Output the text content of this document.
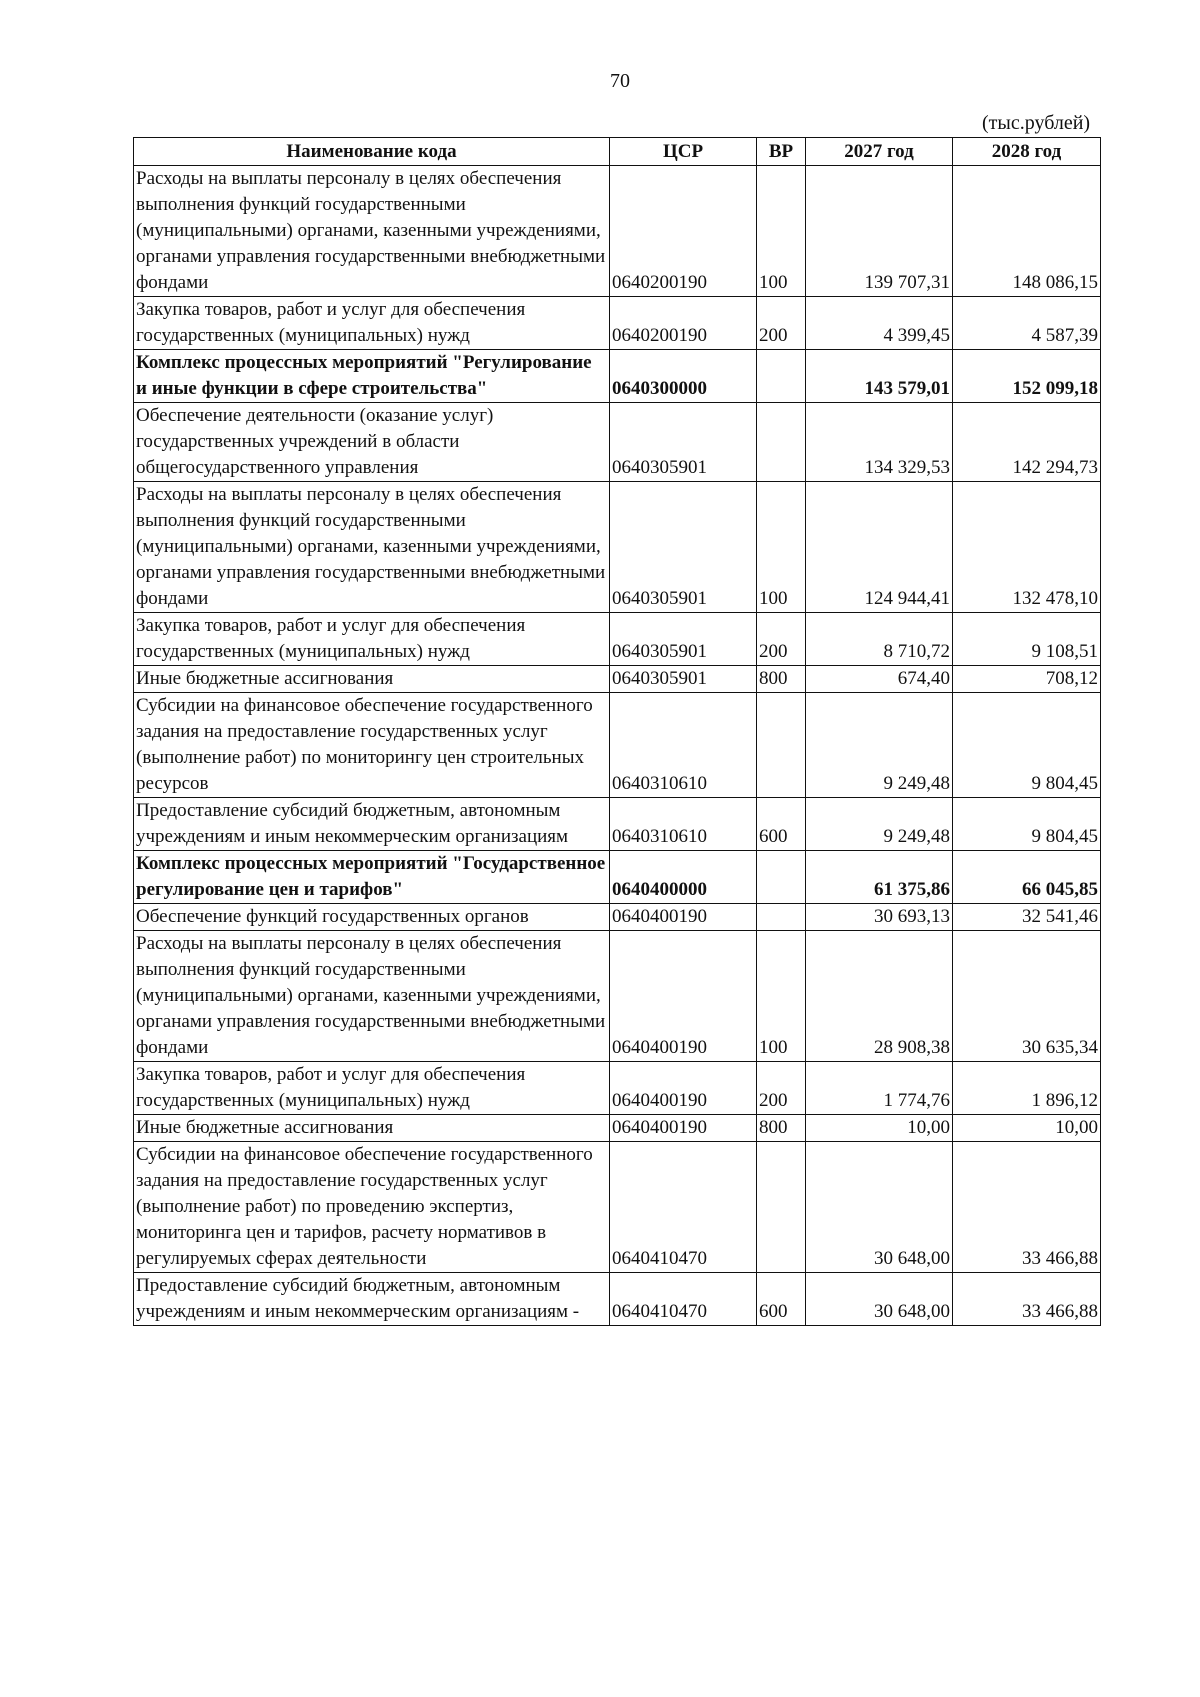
70
(тыс.рублей)
Наименование кода	ЦСР	ВР	2027 год	2028 год
Расходы на выплаты персоналу в целях обеспечения выполнения функций государственными (муниципальными) органами, казенными учреждениями, органами управления государственными внебюджетными фондами	0640200190	100	139 707,31	148 086,15
Закупка товаров, работ и услуг для обеспечения государственных (муниципальных) нужд	0640200190	200	4 399,45	4 587,39
Комплекс процессных мероприятий "Регулирование и иные функции в сфере строительства"	0640300000		143 579,01	152 099,18
Обеспечение деятельности (оказание услуг) государственных учреждений в области общегосударственного управления	0640305901		134 329,53	142 294,73
Расходы на выплаты персоналу в целях обеспечения выполнения функций государственными (муниципальными) органами, казенными учреждениями, органами управления государственными внебюджетными фондами	0640305901	100	124 944,41	132 478,10
Закупка товаров, работ и услуг для обеспечения государственных (муниципальных) нужд	0640305901	200	8 710,72	9 108,51
Иные бюджетные ассигнования	0640305901	800	674,40	708,12
Субсидии на финансовое обеспечение государственного задания на предоставление государственных услуг (выполнение работ) по мониторингу цен строительных ресурсов	0640310610		9 249,48	9 804,45
Предоставление субсидий бюджетным, автономным учреждениям и иным некоммерческим организациям	0640310610	600	9 249,48	9 804,45
Комплекс процессных мероприятий "Государственное регулирование цен и тарифов"	0640400000		61 375,86	66 045,85
Обеспечение функций государственных органов	0640400190		30 693,13	32 541,46
Расходы на выплаты персоналу в целях обеспечения выполнения функций государственными (муниципальными) органами, казенными учреждениями, органами управления государственными внебюджетными фондами	0640400190	100	28 908,38	30 635,34
Закупка товаров, работ и услуг для обеспечения государственных (муниципальных) нужд	0640400190	200	1 774,76	1 896,12
Иные бюджетные ассигнования	0640400190	800	10,00	10,00
Субсидии на финансовое обеспечение государственного задания на предоставление государственных услуг (выполнение работ) по проведению экспертиз, мониторинга цен и тарифов, расчету нормативов в регулируемых сферах деятельности	0640410470		30 648,00	33 466,88
Предоставление субсидий бюджетным, автономным учреждениям и иным некоммерческим организациям -	0640410470	600	30 648,00	33 466,88
